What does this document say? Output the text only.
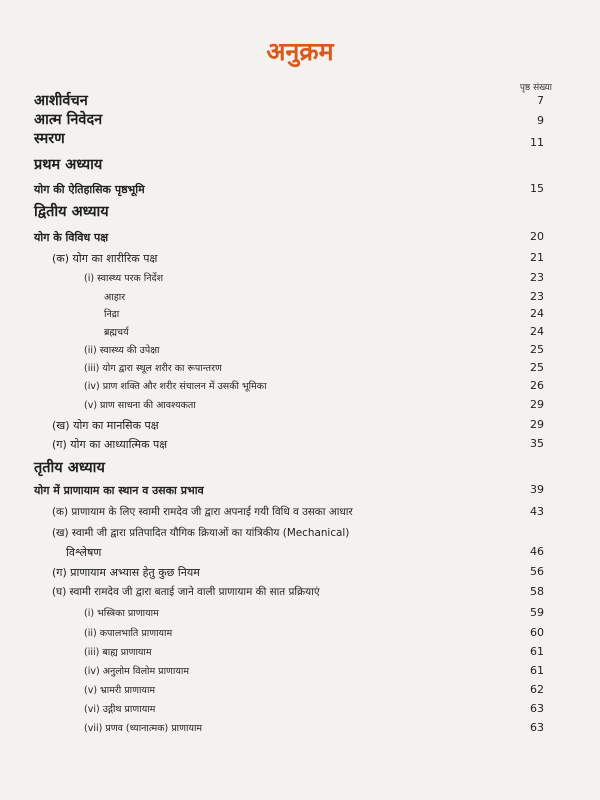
अनुक्रम
पृष्ठ संख्या
आशीर्वचन	7
आत्म निवेदन	9
स्मरण	11
प्रथम अध्याय
योग की ऐतिहासिक पृष्ठभूमि	15
द्वितीय अध्याय
योग के विविध पक्ष	20
(क) योग का शारीरिक पक्ष	21
(i) स्वास्थ्य परक निर्देश	23
आहार	23
निद्रा	24
ब्रह्मचर्य	24
(ii) स्वास्थ्य की उपेक्षा	25
(iii) योग द्वारा स्थूल शरीर का रूपान्तरण	25
(iv) प्राण शक्ति और शरीर संचालन में उसकी भूमिका	26
(v) प्राण साधना की आवश्यकता	29
(ख) योग का मानसिक पक्ष	29
(ग) योग का आध्यात्मिक पक्ष	35
तृतीय अध्याय
योग में प्राणायाम का स्थान व उसका प्रभाव	39
(क) प्राणायाम के लिए स्वामी रामदेव जी द्वारा अपनाई गयी विधि व उसका आधार	43
(ख) स्वामी जी द्वारा प्रतिपादित यौगिक क्रियाओं का यांत्रिकीय (Mechanical)
विश्लेषण	46
(ग) प्राणायाम अभ्यास हेतु कुछ नियम	56
(घ) स्वामी रामदेव जी द्वारा बताई जाने वाली प्राणायाम की सात प्रक्रियाएं	58
(i) भस्त्रिका प्राणायाम	59
(ii) कपालभाति प्राणायाम	60
(iii) बाह्य प्राणायाम	61
(iv) अनुलोम विलोम प्राणायाम	61
(v) भ्रामरी प्राणायाम	62
(vi) उद्गीथ प्राणायाम	63
(vii) प्रणव (ध्यानात्मक) प्राणायाम	63
